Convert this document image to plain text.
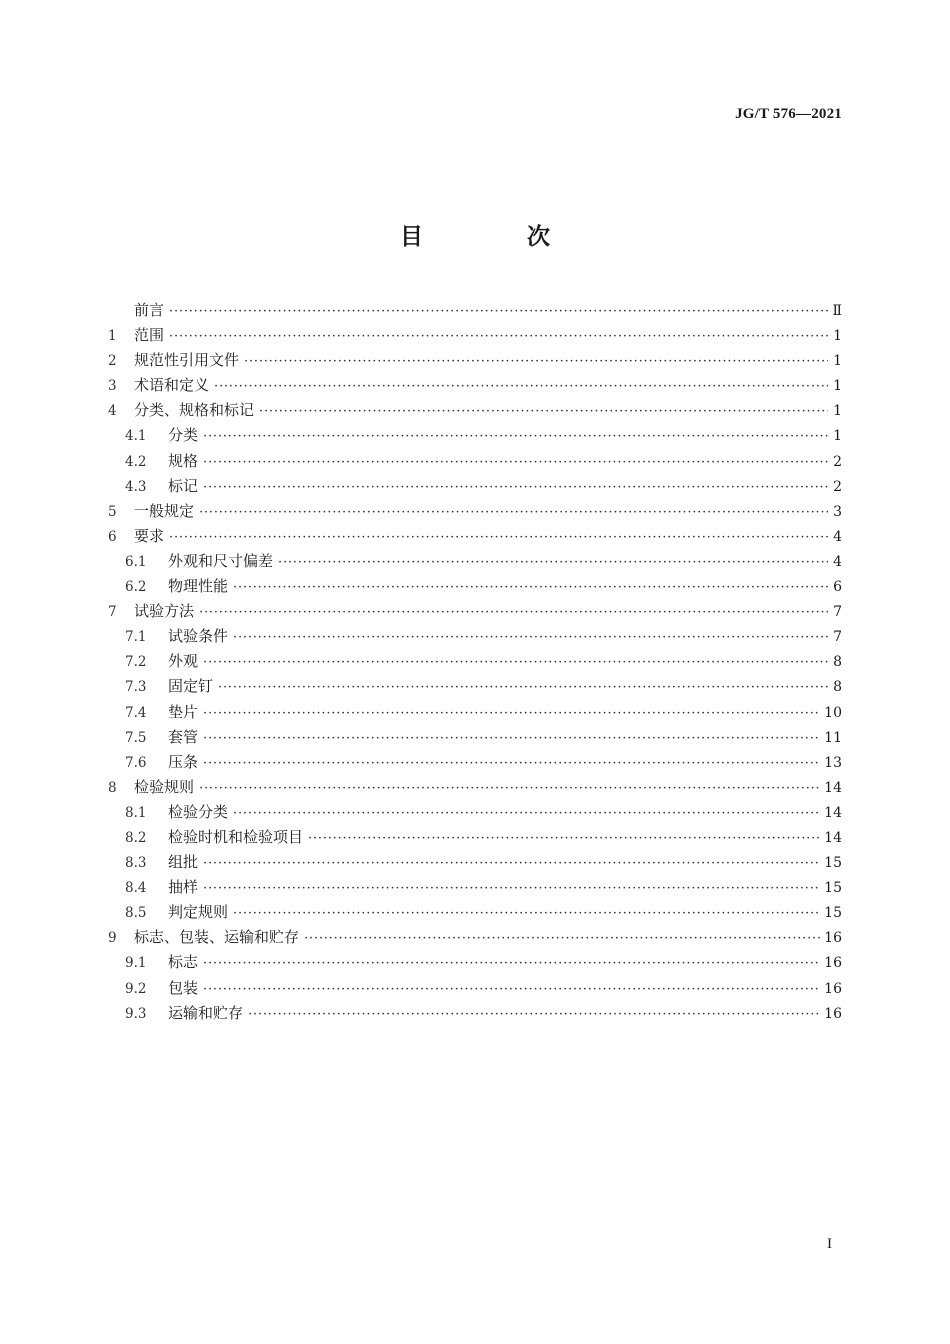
JG/T 576—2021
目 次
前言 ·····	Ⅱ
1	范围 ·····	1
2	规范性引用文件 ·····	1
3	术语和定义 ·····	1
4	分类、规格和标记 ·····	1
4.1	分类 ·····	1
4.2	规格 ·····	2
4.3	标记 ·····	2
5	一般规定 ·····	3
6	要求 ·····	4
6.1	外观和尺寸偏差 ·····	4
6.2	物理性能 ·····	6
7	试验方法 ·····	7
7.1	试验条件 ·····	7
7.2	外观 ·····	8
7.3	固定钉 ·····	8
7.4	垫片 ·····	10
7.5	套管 ·····	11
7.6	压条 ·····	13
8	检验规则 ·····	14
8.1	检验分类 ·····	14
8.2	检验时机和检验项目 ·····	14
8.3	组批 ·····	15
8.4	抽样 ·····	15
8.5	判定规则 ·····	15
9	标志、包装、运输和贮存 ·····	16
9.1	标志 ·····	16
9.2	包装 ·····	16
9.3	运输和贮存 ·····	16
I
